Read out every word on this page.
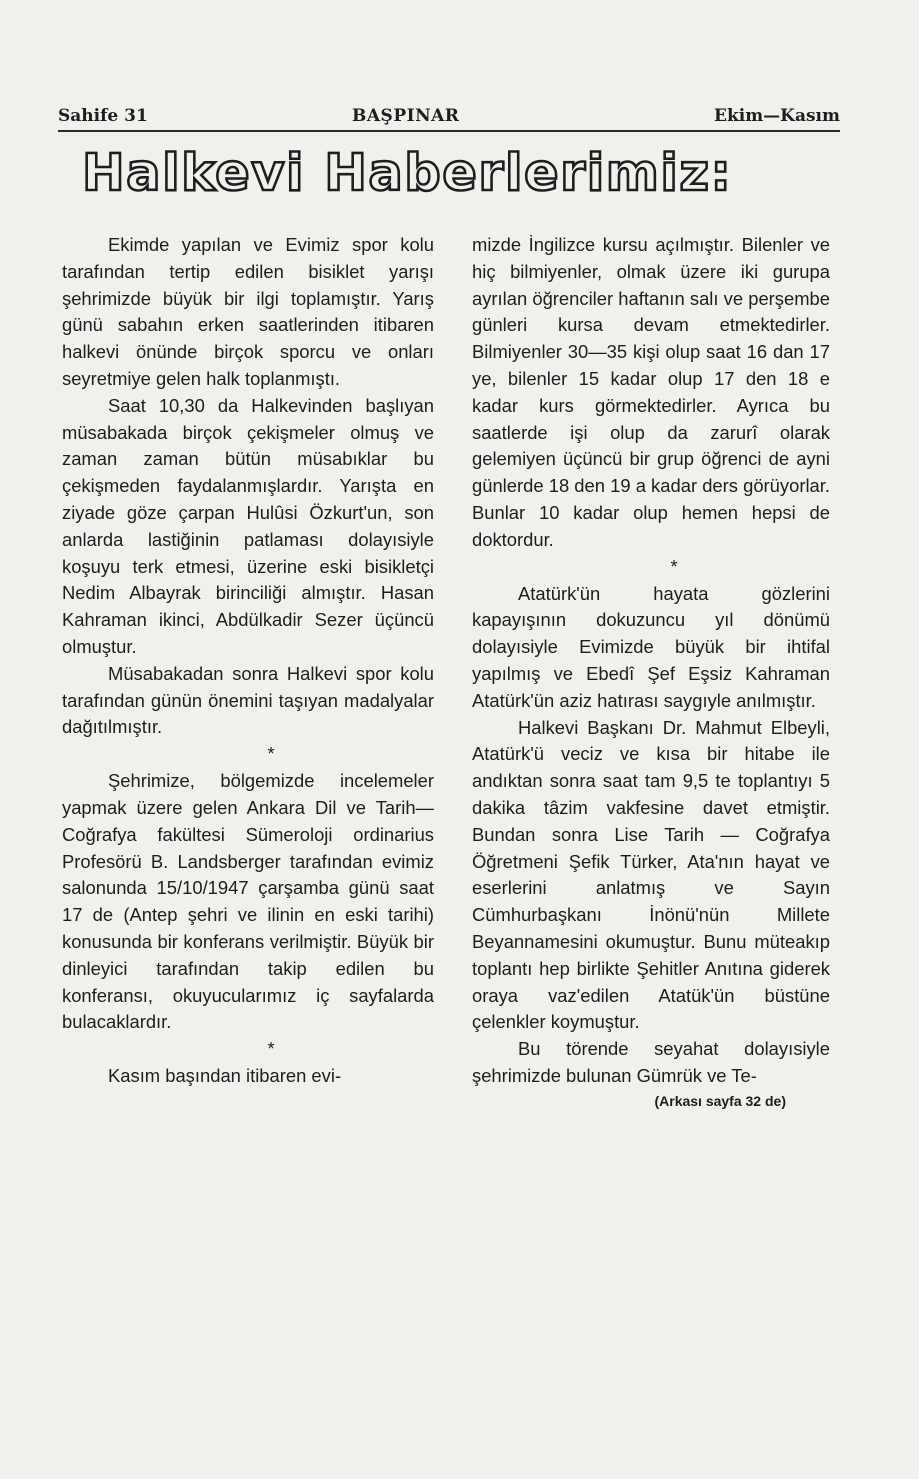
Sahife 31	BAŞPINAR	Ekim—Kasım
Halkevi Haberlerimiz:

Ekimde yapılan ve Evimiz spor kolu tarafından tertip edilen bisiklet yarışı şehrimizde büyük bir ilgi toplamıştır. Yarış günü sabahın erken saatlerinden itibaren halkevi önünde birçok sporcu ve onları seyretmiye gelen halk toplanmıştı.

Saat 10,30 da Halkevinden başlıyan müsabakada birçok çekişmeler olmuş ve zaman zaman bütün müsabıklar bu çekişmeden faydalanmışlardır. Yarışta en ziyade göze çarpan Hulûsi Özkurt'un, son anlarda lastiğinin patlaması dolayısiyle koşuyu terk etmesi, üzerine eski bisikletçi Nedim Albayrak birinciliği almıştır. Hasan Kahraman ikinci, Abdülkadir Sezer üçüncü olmuştur.

Müsabakadan sonra Halkevi spor kolu tarafından günün önemini taşıyan madalyalar dağıtılmıştır.

*

Şehrimize, bölgemizde incelemeler yapmak üzere gelen Ankara Dil ve Tarih—Coğrafya fakültesi Sümeroloji ordinarius Profesörü B. Landsberger tarafından evimiz salonunda 15/10/1947 çarşamba günü saat 17 de (Antep şehri ve ilinin en eski tarihi) konusunda bir konferans verilmiştir. Büyük bir dinleyici tarafından takip edilen bu konferansı, okuyucularımız iç sayfalarda bulacaklardır.

*

Kasım başından itibaren evi-

mizde İngilizce kursu açılmıştır. Bilenler ve hiç bilmiyenler, olmak üzere iki gurupa ayrılan öğrenciler haftanın salı ve perşembe günleri kursa devam etmektedirler. Bilmiyenler 30—35 kişi olup saat 16 dan 17 ye, bilenler 15 kadar olup 17 den 18 e kadar kurs görmektedirler. Ayrıca bu saatlerde işi olup da zarurî olarak gelemiyen üçüncü bir grup öğrenci de ayni günlerde 18 den 19 a kadar ders görüyorlar. Bunlar 10 kadar olup hemen hepsi de doktordur.

*

Atatürk'ün hayata gözlerini kapayışının dokuzuncu yıl dönümü dolayısiyle Evimizde büyük bir ihtifal yapılmış ve Ebedî Şef Eşsiz Kahraman Atatürk'ün aziz hatırası saygıyle anılmıştır.

Halkevi Başkanı Dr. Mahmut Elbeyli, Atatürk'ü veciz ve kısa bir hitabe ile andıktan sonra saat tam 9,5 te toplantıyı 5 dakika tâzim vakfesine davet etmiştir. Bundan sonra Lise Tarih — Coğrafya Öğretmeni Şefik Türker, Ata'nın hayat ve eserlerini anlatmış ve Sayın Cümhurbaşkanı İnönü'nün Millete Beyannamesini okumuştur. Bunu müteakıp toplantı hep birlikte Şehitler Anıtına giderek oraya vaz'edilen Atatük'ün büstüne çelenkler koymuştur.

Bu törende seyahat dolayısiyle şehrimizde bulunan Gümrük ve Te-

(Arkası sayfa 32 de)
